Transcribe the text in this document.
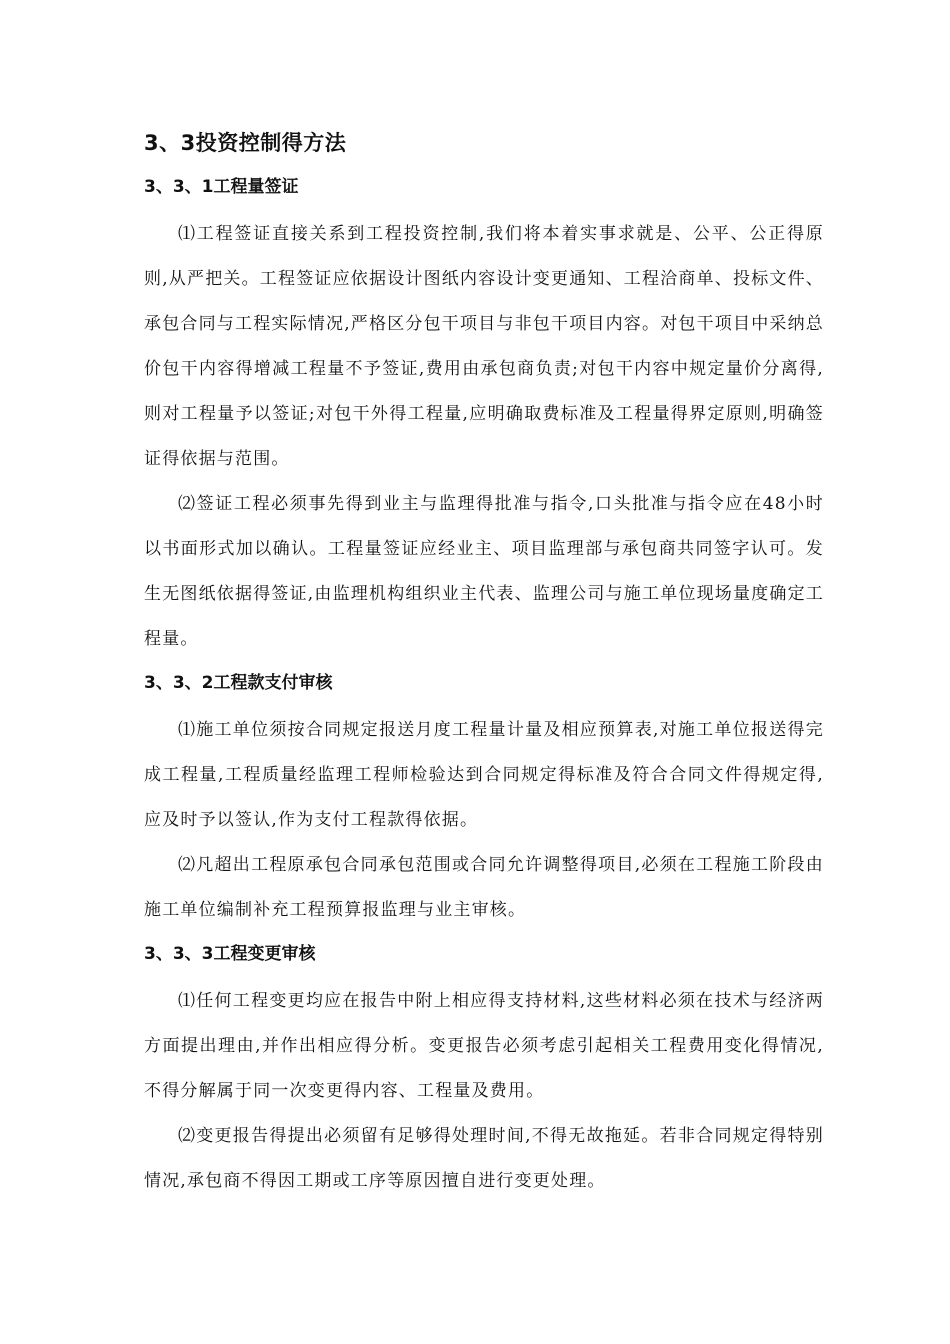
3、3投资控制得方法
3、3、1工程量签证

⑴工程签证直接关系到工程投资控制,我们将本着实事求就是、公平、公正得原则,从严把关。工程签证应依据设计图纸内容设计变更通知、工程洽商单、投标文件、承包合同与工程实际情况,严格区分包干项目与非包干项目内容。对包干项目中采纳总价包干内容得增减工程量不予签证,费用由承包商负责;对包干内容中规定量价分离得,则对工程量予以签证;对包干外得工程量,应明确取费标准及工程量得界定原则,明确签证得依据与范围。

⑵签证工程必须事先得到业主与监理得批准与指令,口头批准与指令应在48小时以书面形式加以确认。工程量签证应经业主、项目监理部与承包商共同签字认可。发生无图纸依据得签证,由监理机构组织业主代表、监理公司与施工单位现场量度确定工程量。

3、3、2工程款支付审核

⑴施工单位须按合同规定报送月度工程量计量及相应预算表,对施工单位报送得完成工程量,工程质量经监理工程师检验达到合同规定得标准及符合合同文件得规定得,应及时予以签认,作为支付工程款得依据。

⑵凡超出工程原承包合同承包范围或合同允许调整得项目,必须在工程施工阶段由施工单位编制补充工程预算报监理与业主审核。

3、3、3工程变更审核

⑴任何工程变更均应在报告中附上相应得支持材料,这些材料必须在技术与经济两方面提出理由,并作出相应得分析。变更报告必须考虑引起相关工程费用变化得情况,不得分解属于同一次变更得内容、工程量及费用。

⑵变更报告得提出必须留有足够得处理时间,不得无故拖延。若非合同规定得特别情况,承包商不得因工期或工序等原因擅自进行变更处理。
